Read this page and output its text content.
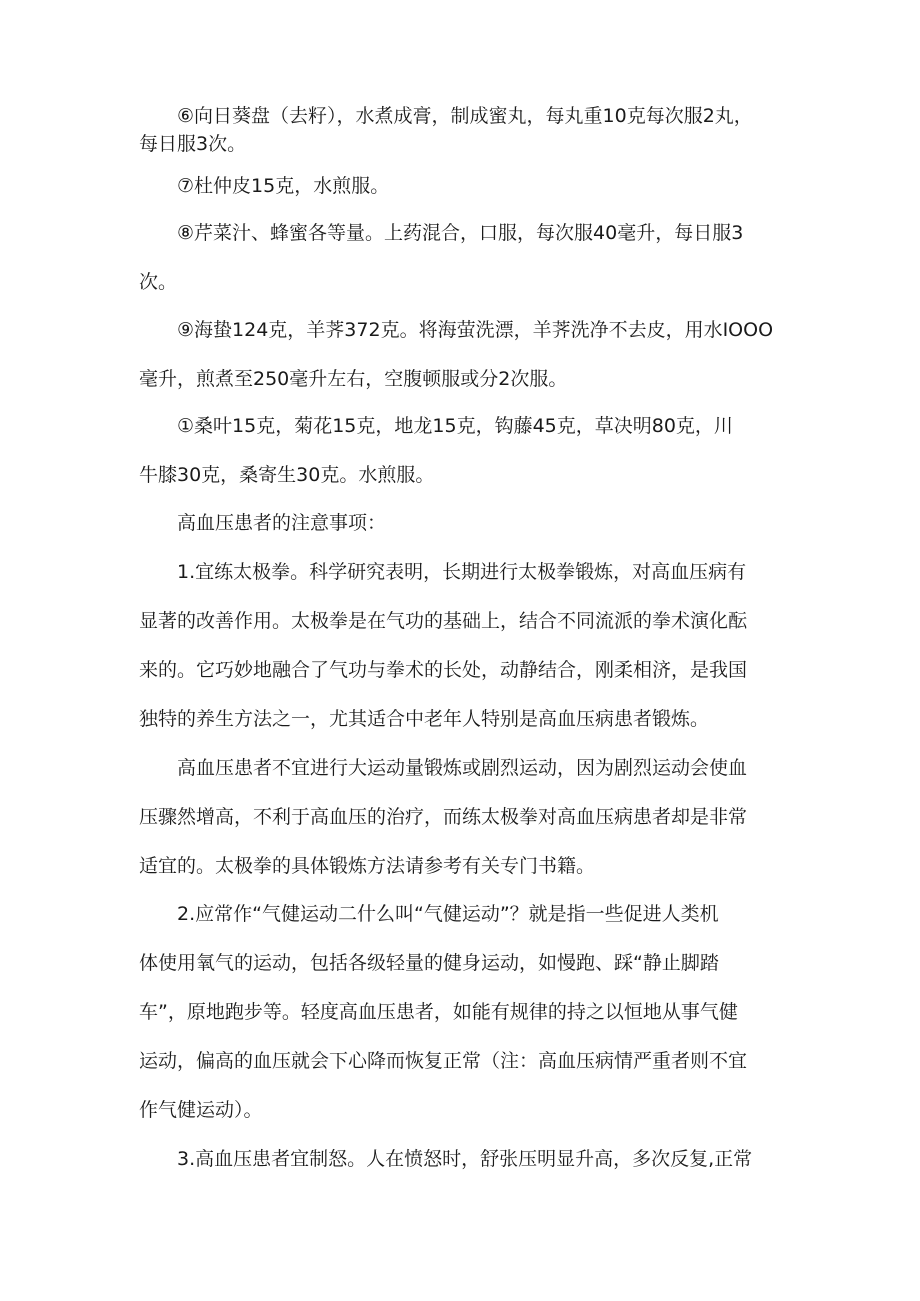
⑥向日葵盘（去籽），水煮成膏，制成蜜丸，每丸重10克每次服2丸，
每日服3次。
⑦杜仲皮15克，水煎服。
⑧芹菜汁、蜂蜜各等量。上药混合，口服，每次服40毫升，每日服3
次。
⑨海蛰124克，羊荠372克。将海萤洗漂，羊荠洗净不去皮，用水IOOO
毫升，煎煮至250毫升左右，空腹顿服或分2次服。
①桑叶15克，菊花15克，地龙15克，钩藤45克，草决明80克，川
牛膝30克，桑寄生30克。水煎服。
高血压患者的注意事项：
1.宜练太极拳。科学研究表明，长期进行太极拳锻炼，对高血压病有
显著的改善作用。太极拳是在气功的基础上，结合不同流派的拳术演化酝
来的。它巧妙地融合了气功与拳术的长处，动静结合，刚柔相济，是我国
独特的养生方法之一，尤其适合中老年人特别是高血压病患者锻炼。
高血压患者不宜进行大运动量锻炼或剧烈运动，因为剧烈运动会使血
压骤然增高，不利于高血压的治疗，而练太极拳对高血压病患者却是非常
适宜的。太极拳的具体锻炼方法请参考有关专门书籍。
2.应常作“气健运动二什么叫“气健运动”？就是指一些促进人类机
体使用氧气的运动，包括各级轻量的健身运动，如慢跑、踩“静止脚踏
车”，原地跑步等。轻度高血压患者，如能有规律的持之以恒地从事气健
运动，偏高的血压就会下心降而恢复正常（注：高血压病情严重者则不宜
作气健运动）。
3.高血压患者宜制怒。人在愤怒时，舒张压明显升高，多次反复,正常
